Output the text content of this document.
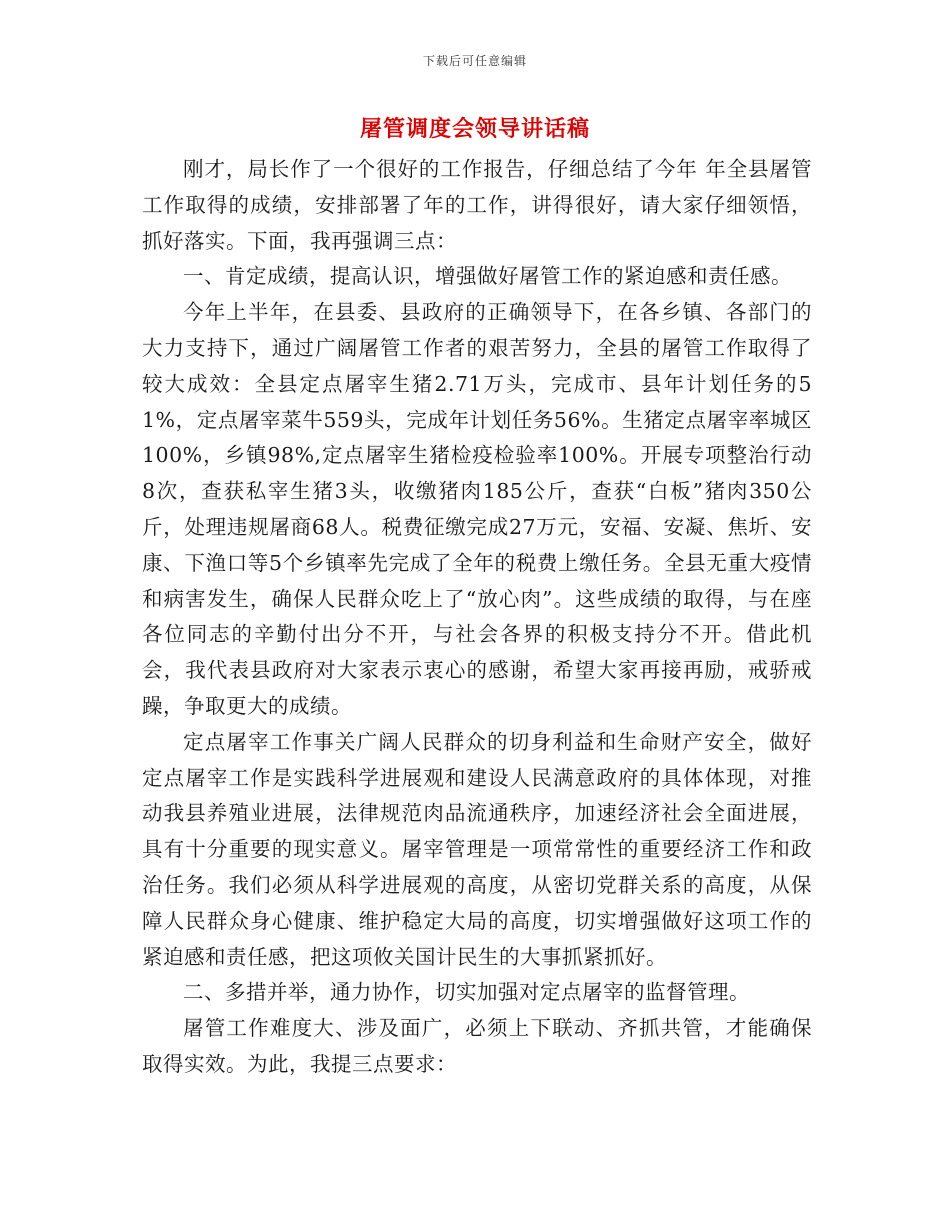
下载后可任意编辑
屠管调度会领导讲话稿

刚才，局长作了一个很好的工作报告，仔细总结了今年 年全县屠管工作取得的成绩，安排部署了年的工作，讲得很好，请大家仔细领悟，抓好落实。下面，我再强调三点：

一、肯定成绩，提高认识，增强做好屠管工作的紧迫感和责任感。

今年上半年，在县委、县政府的正确领导下，在各乡镇、各部门的大力支持下，通过广阔屠管工作者的艰苦努力，全县的屠管工作取得了较大成效：全县定点屠宰生猪2.71万头，完成市、县年计划任务的51%，定点屠宰菜牛559头，完成年计划任务56%。生猪定点屠宰率城区100%，乡镇98%,定点屠宰生猪检疫检验率100%。开展专项整治行动8次，查获私宰生猪3头，收缴猪肉185公斤，查获“白板”猪肉350公斤，处理违规屠商68人。税费征缴完成27万元，安福、安凝、焦圻、安康、下渔口等5个乡镇率先完成了全年的税费上缴任务。全县无重大疫情和病害发生，确保人民群众吃上了“放心肉”。这些成绩的取得，与在座各位同志的辛勤付出分不开，与社会各界的积极支持分不开。借此机会，我代表县政府对大家表示衷心的感谢，希望大家再接再励，戒骄戒躁，争取更大的成绩。

定点屠宰工作事关广阔人民群众的切身利益和生命财产安全，做好定点屠宰工作是实践科学进展观和建设人民满意政府的具体体现，对推动我县养殖业进展，法律规范肉品流通秩序，加速经济社会全面进展，具有十分重要的现实意义。屠宰管理是一项常常性的重要经济工作和政治任务。我们必须从科学进展观的高度，从密切党群关系的高度，从保障人民群众身心健康、维护稳定大局的高度，切实增强做好这项工作的紧迫感和责任感，把这项攸关国计民生的大事抓紧抓好。

二、多措并举，通力协作，切实加强对定点屠宰的监督管理。

屠管工作难度大、涉及面广，必须上下联动、齐抓共管，才能确保取得实效。为此，我提三点要求：
